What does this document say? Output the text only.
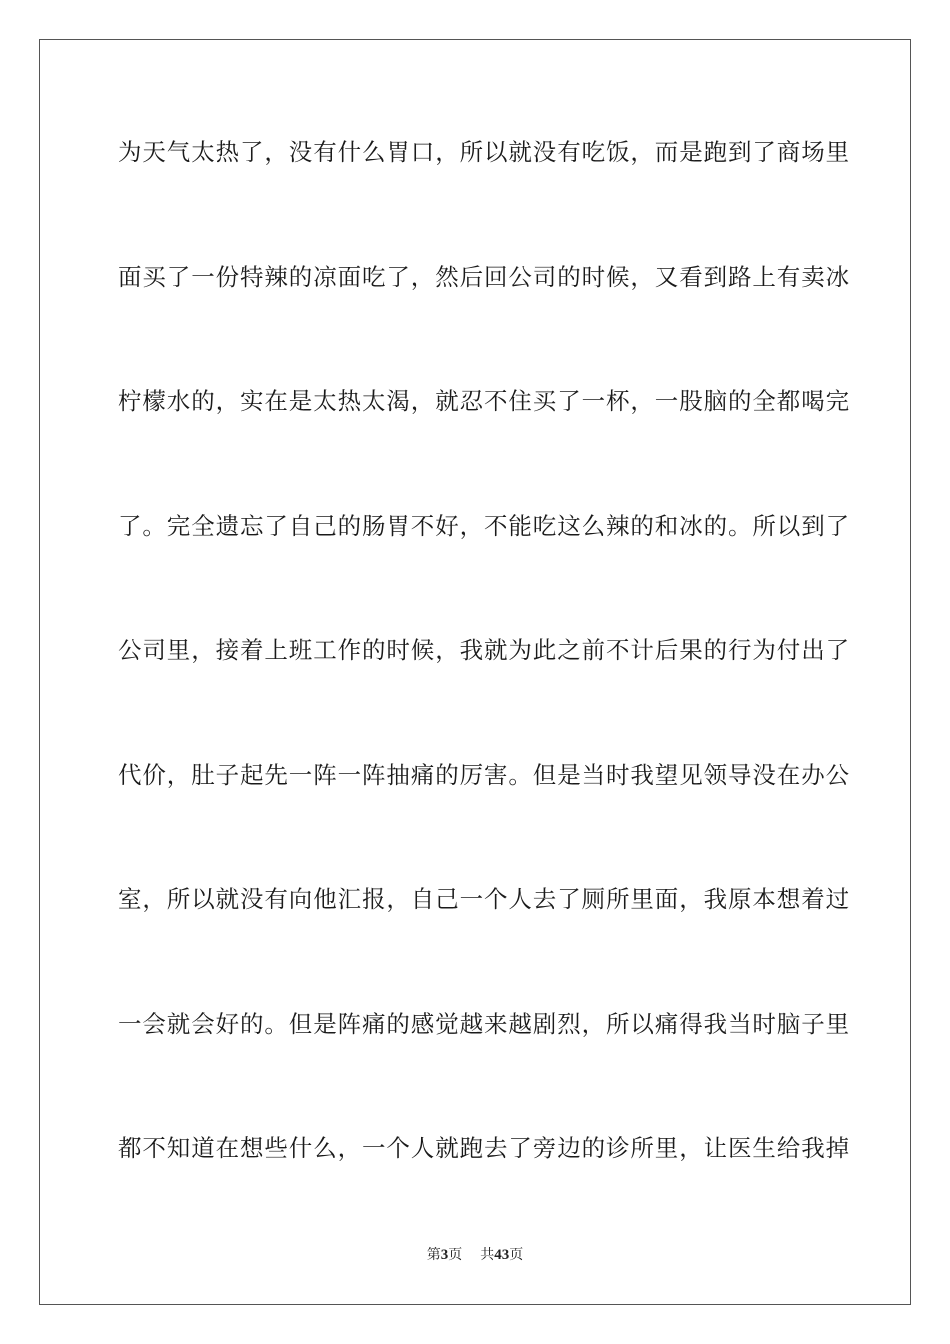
为天气太热了，没有什么胃口，所以就没有吃饭，而是跑到了商场里
面买了一份特辣的凉面吃了，然后回公司的时候，又看到路上有卖冰
柠檬水的，实在是太热太渴，就忍不住买了一杯，一股脑的全都喝完
了。完全遗忘了自己的肠胃不好，不能吃这么辣的和冰的。所以到了
公司里，接着上班工作的时候，我就为此之前不计后果的行为付出了
代价，肚子起先一阵一阵抽痛的厉害。但是当时我望见领导没在办公
室，所以就没有向他汇报，自己一个人去了厕所里面，我原本想着过
一会就会好的。但是阵痛的感觉越来越剧烈，所以痛得我当时脑子里
都不知道在想些什么，一个人就跑去了旁边的诊所里，让医生给我掉
第3页 共43页
